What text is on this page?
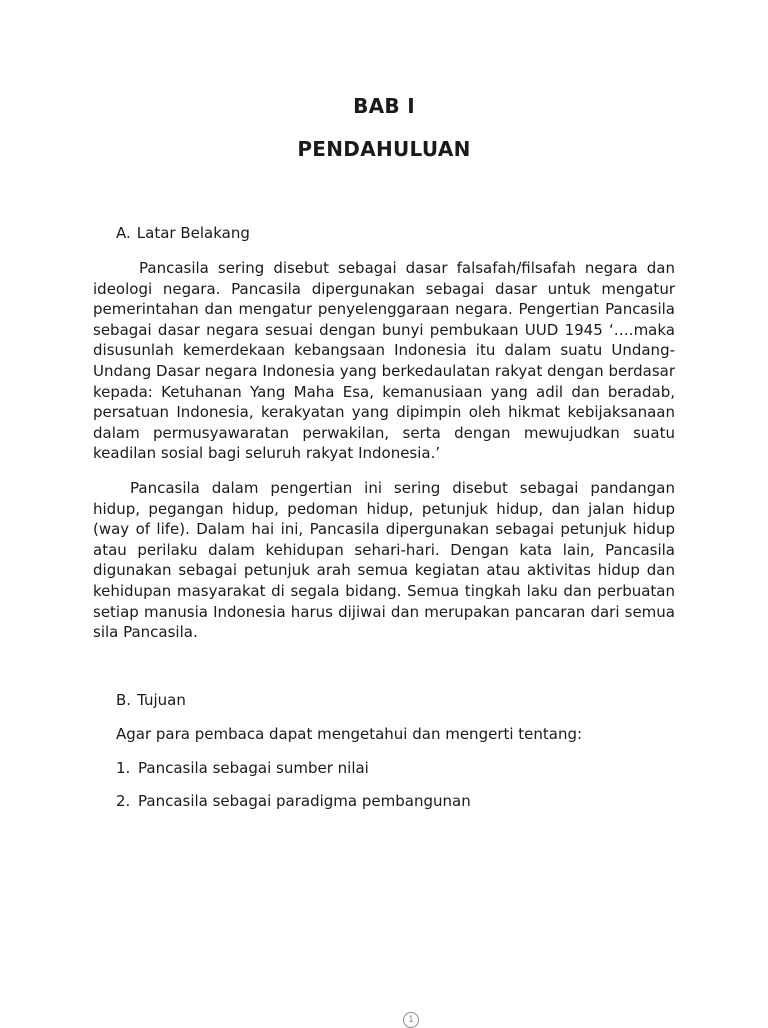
BAB I
PENDAHULUAN
A. Latar Belakang

Pancasila sering disebut sebagai dasar falsafah/filsafah negara dan ideologi negara. Pancasila dipergunakan sebagai dasar untuk mengatur pemerintahan dan mengatur penyelenggaraan negara. Pengertian Pancasila sebagai dasar negara sesuai dengan bunyi pembukaan UUD 1945 ‘….maka disusunlah kemerdekaan kebangsaan Indonesia itu dalam suatu Undang-Undang Dasar negara Indonesia yang berkedaulatan rakyat dengan berdasar kepada: Ketuhanan Yang Maha Esa, kemanusiaan yang adil dan beradab, persatuan Indonesia, kerakyatan yang dipimpin oleh hikmat kebijaksanaan dalam permusyawaratan perwakilan, serta dengan mewujudkan suatu keadilan sosial bagi seluruh rakyat Indonesia.’

Pancasila dalam pengertian ini sering disebut sebagai pandangan hidup, pegangan hidup, pedoman hidup, petunjuk hidup, dan jalan hidup (way of life). Dalam hai ini, Pancasila dipergunakan sebagai petunjuk hidup atau perilaku dalam kehidupan sehari-hari. Dengan kata lain, Pancasila digunakan sebagai petunjuk arah semua kegiatan atau aktivitas hidup dan kehidupan masyarakat di segala bidang. Semua tingkah laku dan perbuatan setiap manusia Indonesia harus dijiwai dan merupakan pancaran dari semua sila Pancasila.

B. Tujuan
Agar para pembaca dapat mengetahui dan mengerti tentang:
1. Pancasila sebagai sumber nilai
2. Pancasila sebagai paradigma pembangunan
1
